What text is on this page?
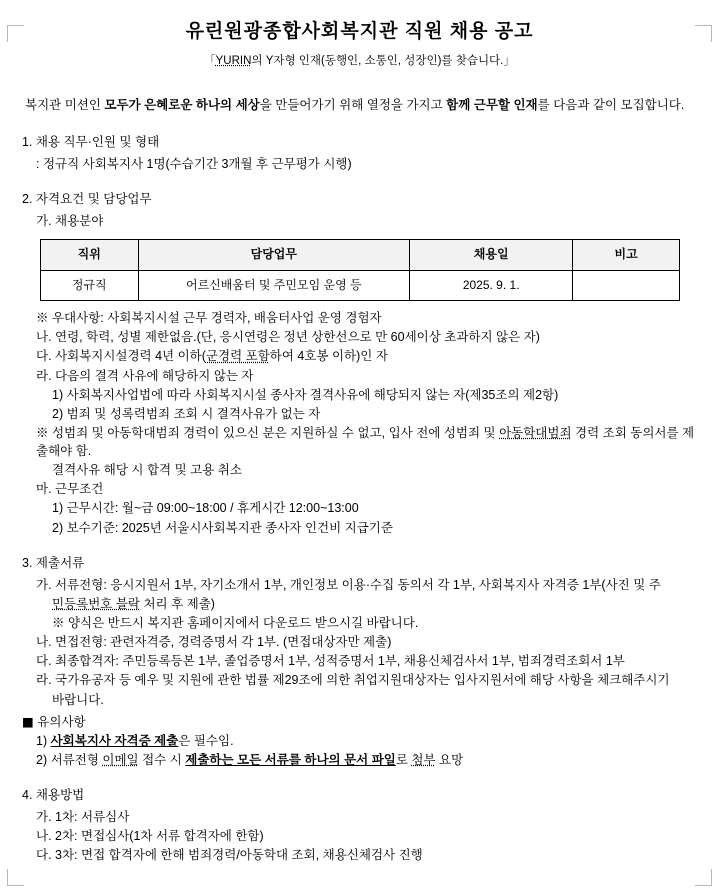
유린원광종합사회복지관 직원 채용 공고
「YURIN의 Y자형 인재(동행인, 소통인, 성장인)를 찾습니다.」
복지관 미션인 모두가 은혜로운 하나의 세상을 만들어가기 위해 열정을 가지고 함께 근무할 인재를 다음과 같이 모집합니다.
1. 채용 직무·인원 및 형태
: 정규직 사회복지사 1명(수습기간 3개월 후 근무평가 시행)
2. 자격요건 및 담당업무
가. 채용분야
직위	담당업무	채용일	비고
정규직	어르신배움터 및 주민모임 운영 등	2025. 9. 1.	
※ 우대사항: 사회복지시설 근무 경력자, 배움터사업 운영 경험자
나. 연령, 학력, 성별 제한없음.(단, 응시연령은 정년 상한선으로 만 60세이상 초과하지 않은 자)
다. 사회복지시설경력 4년 이하(군경력 포함하여 4호봉 이하)인 자
라. 다음의 결격 사유에 해당하지 않는 자
1) 사회복지사업법에 따라 사회복지시설 종사자 결격사유에 해당되지 않는 자(제35조의 제2항)
2) 범죄 및 성록력범죄 조회 시 결격사유가 없는 자
※ 성범죄 및 아동학대범죄 경력이 있으신 분은 지원하실 수 없고, 입사 전에 성범죄 및 아동학대범죄 경력 조회 동의서를 제출해야 함.
결격사유 해당 시 합격 및 고용 취소
마. 근무조건
1) 근무시간: 월~금 09:00~18:00 / 휴게시간 12:00~13:00
2) 보수기준: 2025년 서울시사회복지관 종사자 인건비 지급기준
3. 제출서류
가. 서류전형: 응시지원서 1부, 자기소개서 1부, 개인정보 이용·수집 동의서 각 1부, 사회복지사 자격증 1부(사진 및 주
민등록번호 블락 처리 후 제출)
※ 양식은 반드시 복지관 홈페이지에서 다운로드 받으시길 바랍니다.
나. 면접전형: 관련자격증, 경력증명서 각 1부. (면접대상자만 제출)
다. 최종합격자: 주민등록등본 1부, 졸업증명서 1부, 성적증명서 1부, 채용신체검사서 1부, 범죄경력조회서 1부
라. 국가유공자 등 예우 및 지원에 관한 법률 제29조에 의한 취업지원대상자는 입사지원서에 해당 사항을 체크해주시기
바랍니다.
■ 유의사항
1) 사회복지사 자격증 제출은 필수임.
2) 서류전형 이메일 접수 시 제출하는 모든 서류를 하나의 문서 파일로 첨부 요망
4. 채용방법
가. 1차: 서류심사
나. 2차: 면접심사(1차 서류 합격자에 한함)
다. 3차: 면접 합격자에 한해 범죄경력/아동학대 조회, 채용신체검사 진행
